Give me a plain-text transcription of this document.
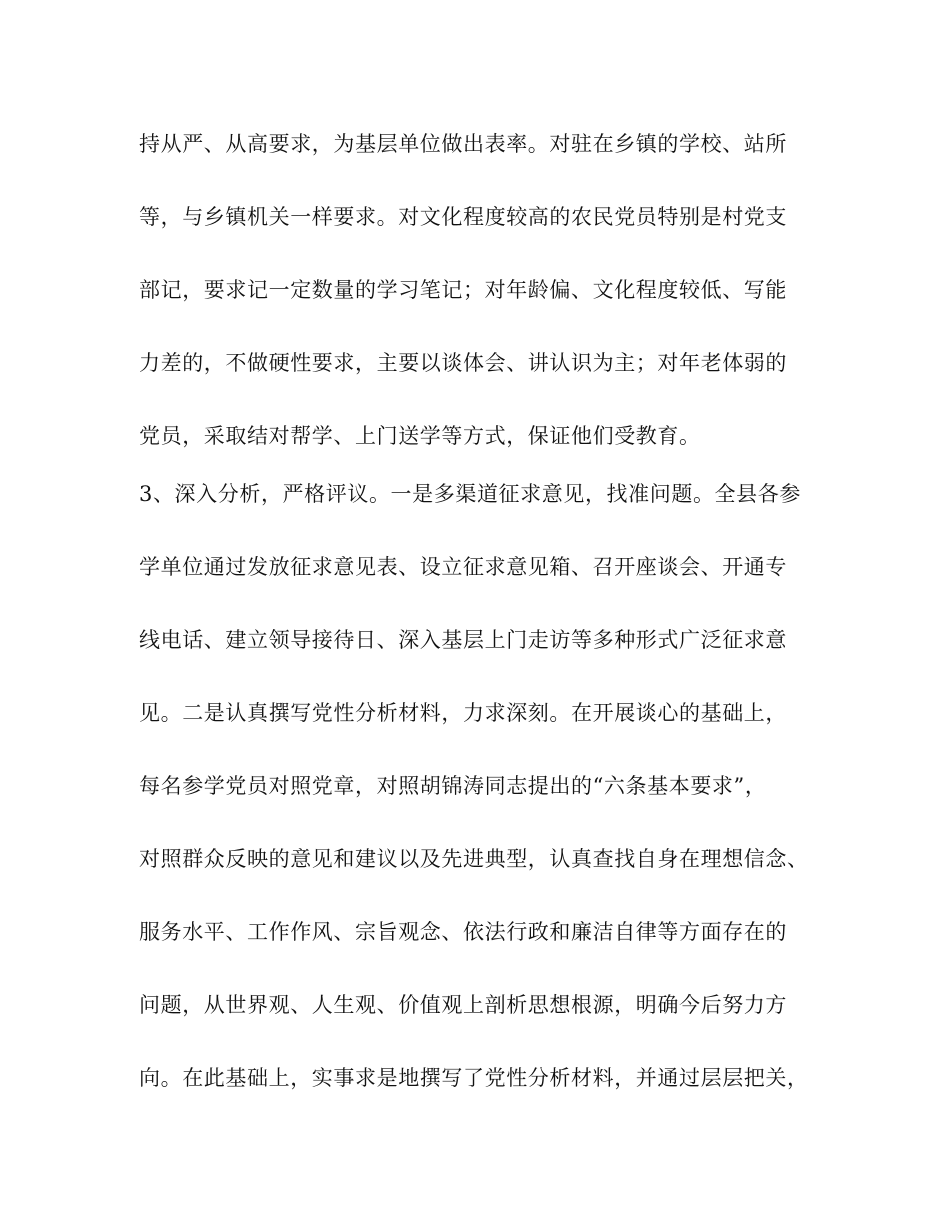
持从严、从高要求，为基层单位做出表率。对驻在乡镇的学校、站所
等，与乡镇机关一样要求。对文化程度较高的农民党员特别是村党支
部记，要求记一定数量的学习笔记；对年龄偏、文化程度较低、写能
力差的，不做硬性要求，主要以谈体会、讲认识为主；对年老体弱的
党员，采取结对帮学、上门送学等方式，保证他们受教育。
3、深入分析，严格评议。一是多渠道征求意见，找准问题。全县各参
学单位通过发放征求意见表、设立征求意见箱、召开座谈会、开通专
线电话、建立领导接待日、深入基层上门走访等多种形式广泛征求意
见。二是认真撰写党性分析材料，力求深刻。在开展谈心的基础上，
每名参学党员对照党章，对照胡锦涛同志提出的“六条基本要求”，
对照群众反映的意见和建议以及先进典型，认真查找自身在理想信念、
服务水平、工作作风、宗旨观念、依法行政和廉洁自律等方面存在的
问题，从世界观、人生观、价值观上剖析思想根源，明确今后努力方
向。在此基础上，实事求是地撰写了党性分析材料，并通过层层把关，
